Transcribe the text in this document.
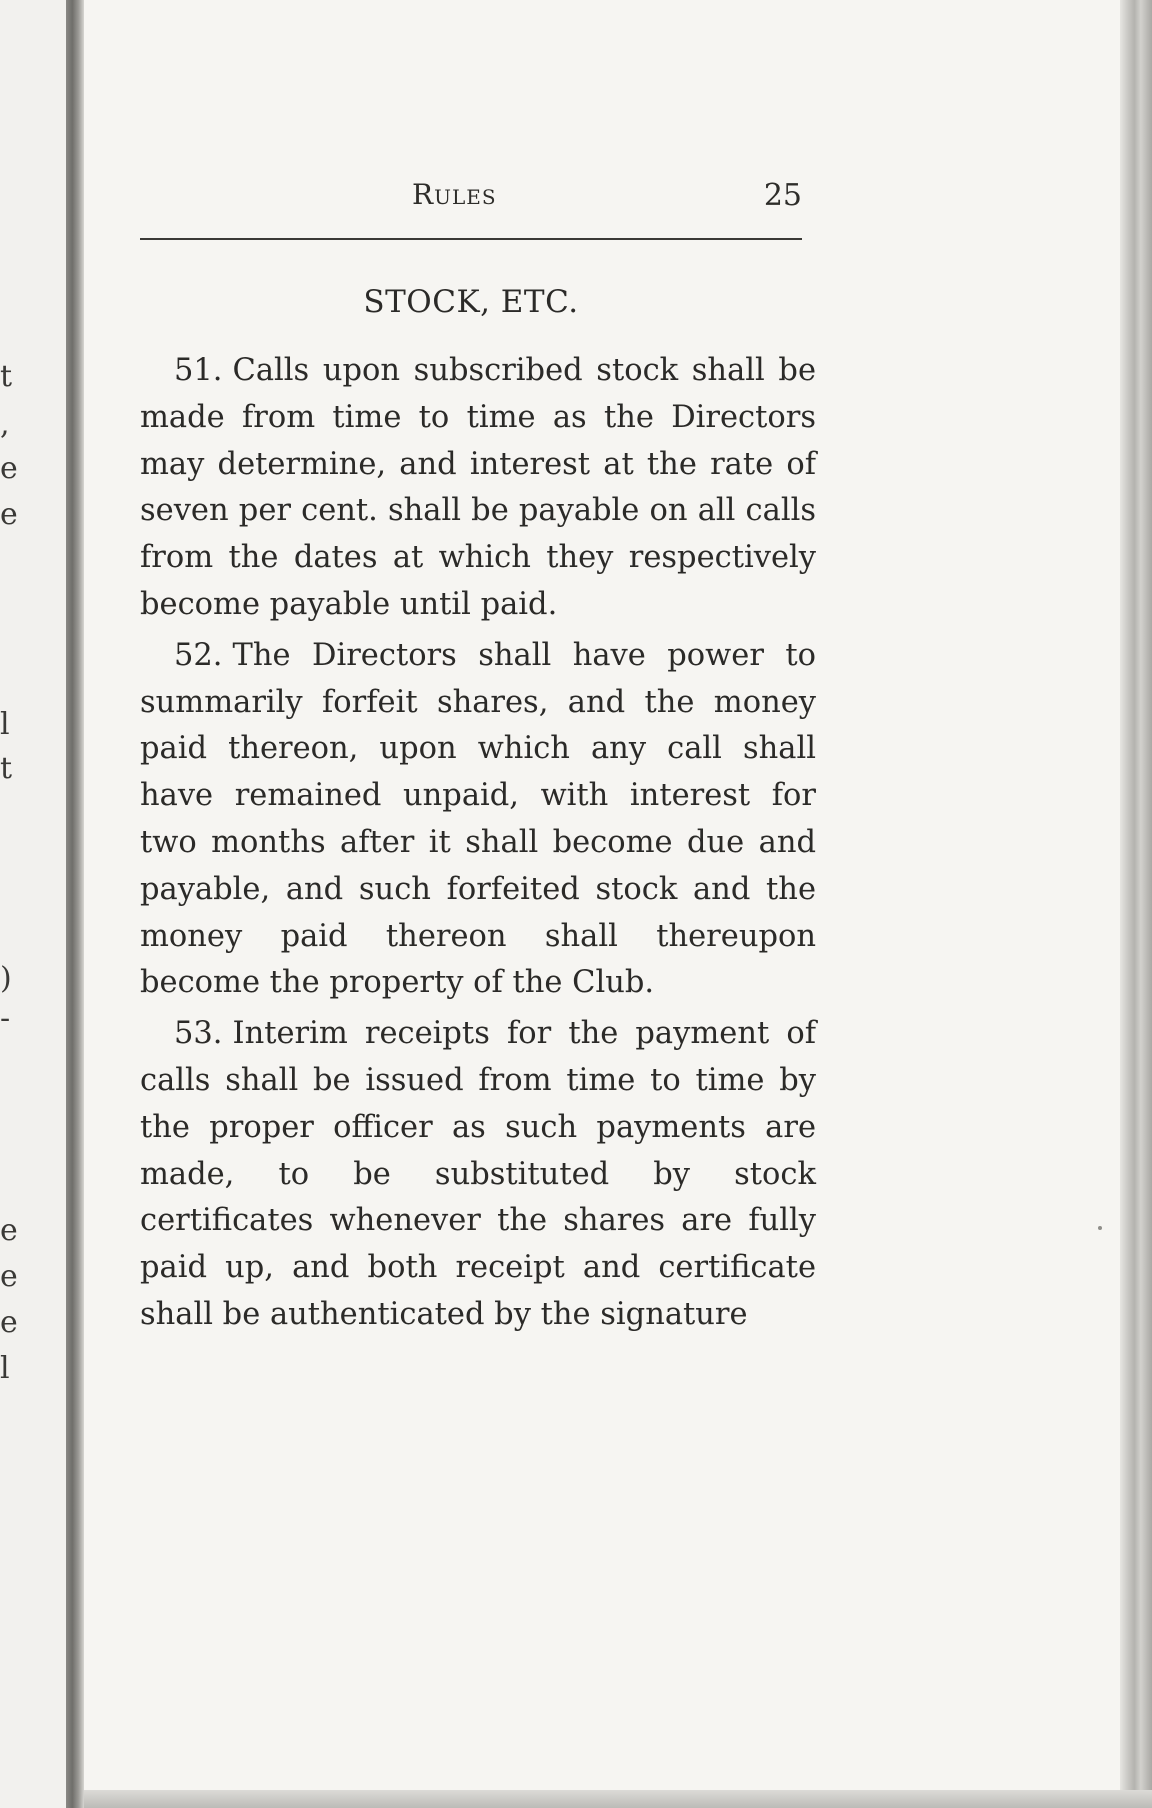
t
,
e
e
l
t
)
-
e
e
e
l
Rules	25
STOCK, ETC.

51. Calls upon subscribed stock shall be made from time to time as the Directors may determine, and interest at the rate of seven per cent. shall be payable on all calls from the dates at which they respectively become payable until paid.

52. The Directors shall have power to summarily forfeit shares, and the money paid thereon, upon which any call shall have remained unpaid, with interest for two months after it shall become due and payable, and such forfeited stock and the money paid thereon shall thereupon become the property of the Club.

53. Interim receipts for the payment of calls shall be issued from time to time by the proper officer as such payments are made, to be substituted by stock certificates whenever the shares are fully paid up, and both receipt and certificate shall be authenticated by the signature
